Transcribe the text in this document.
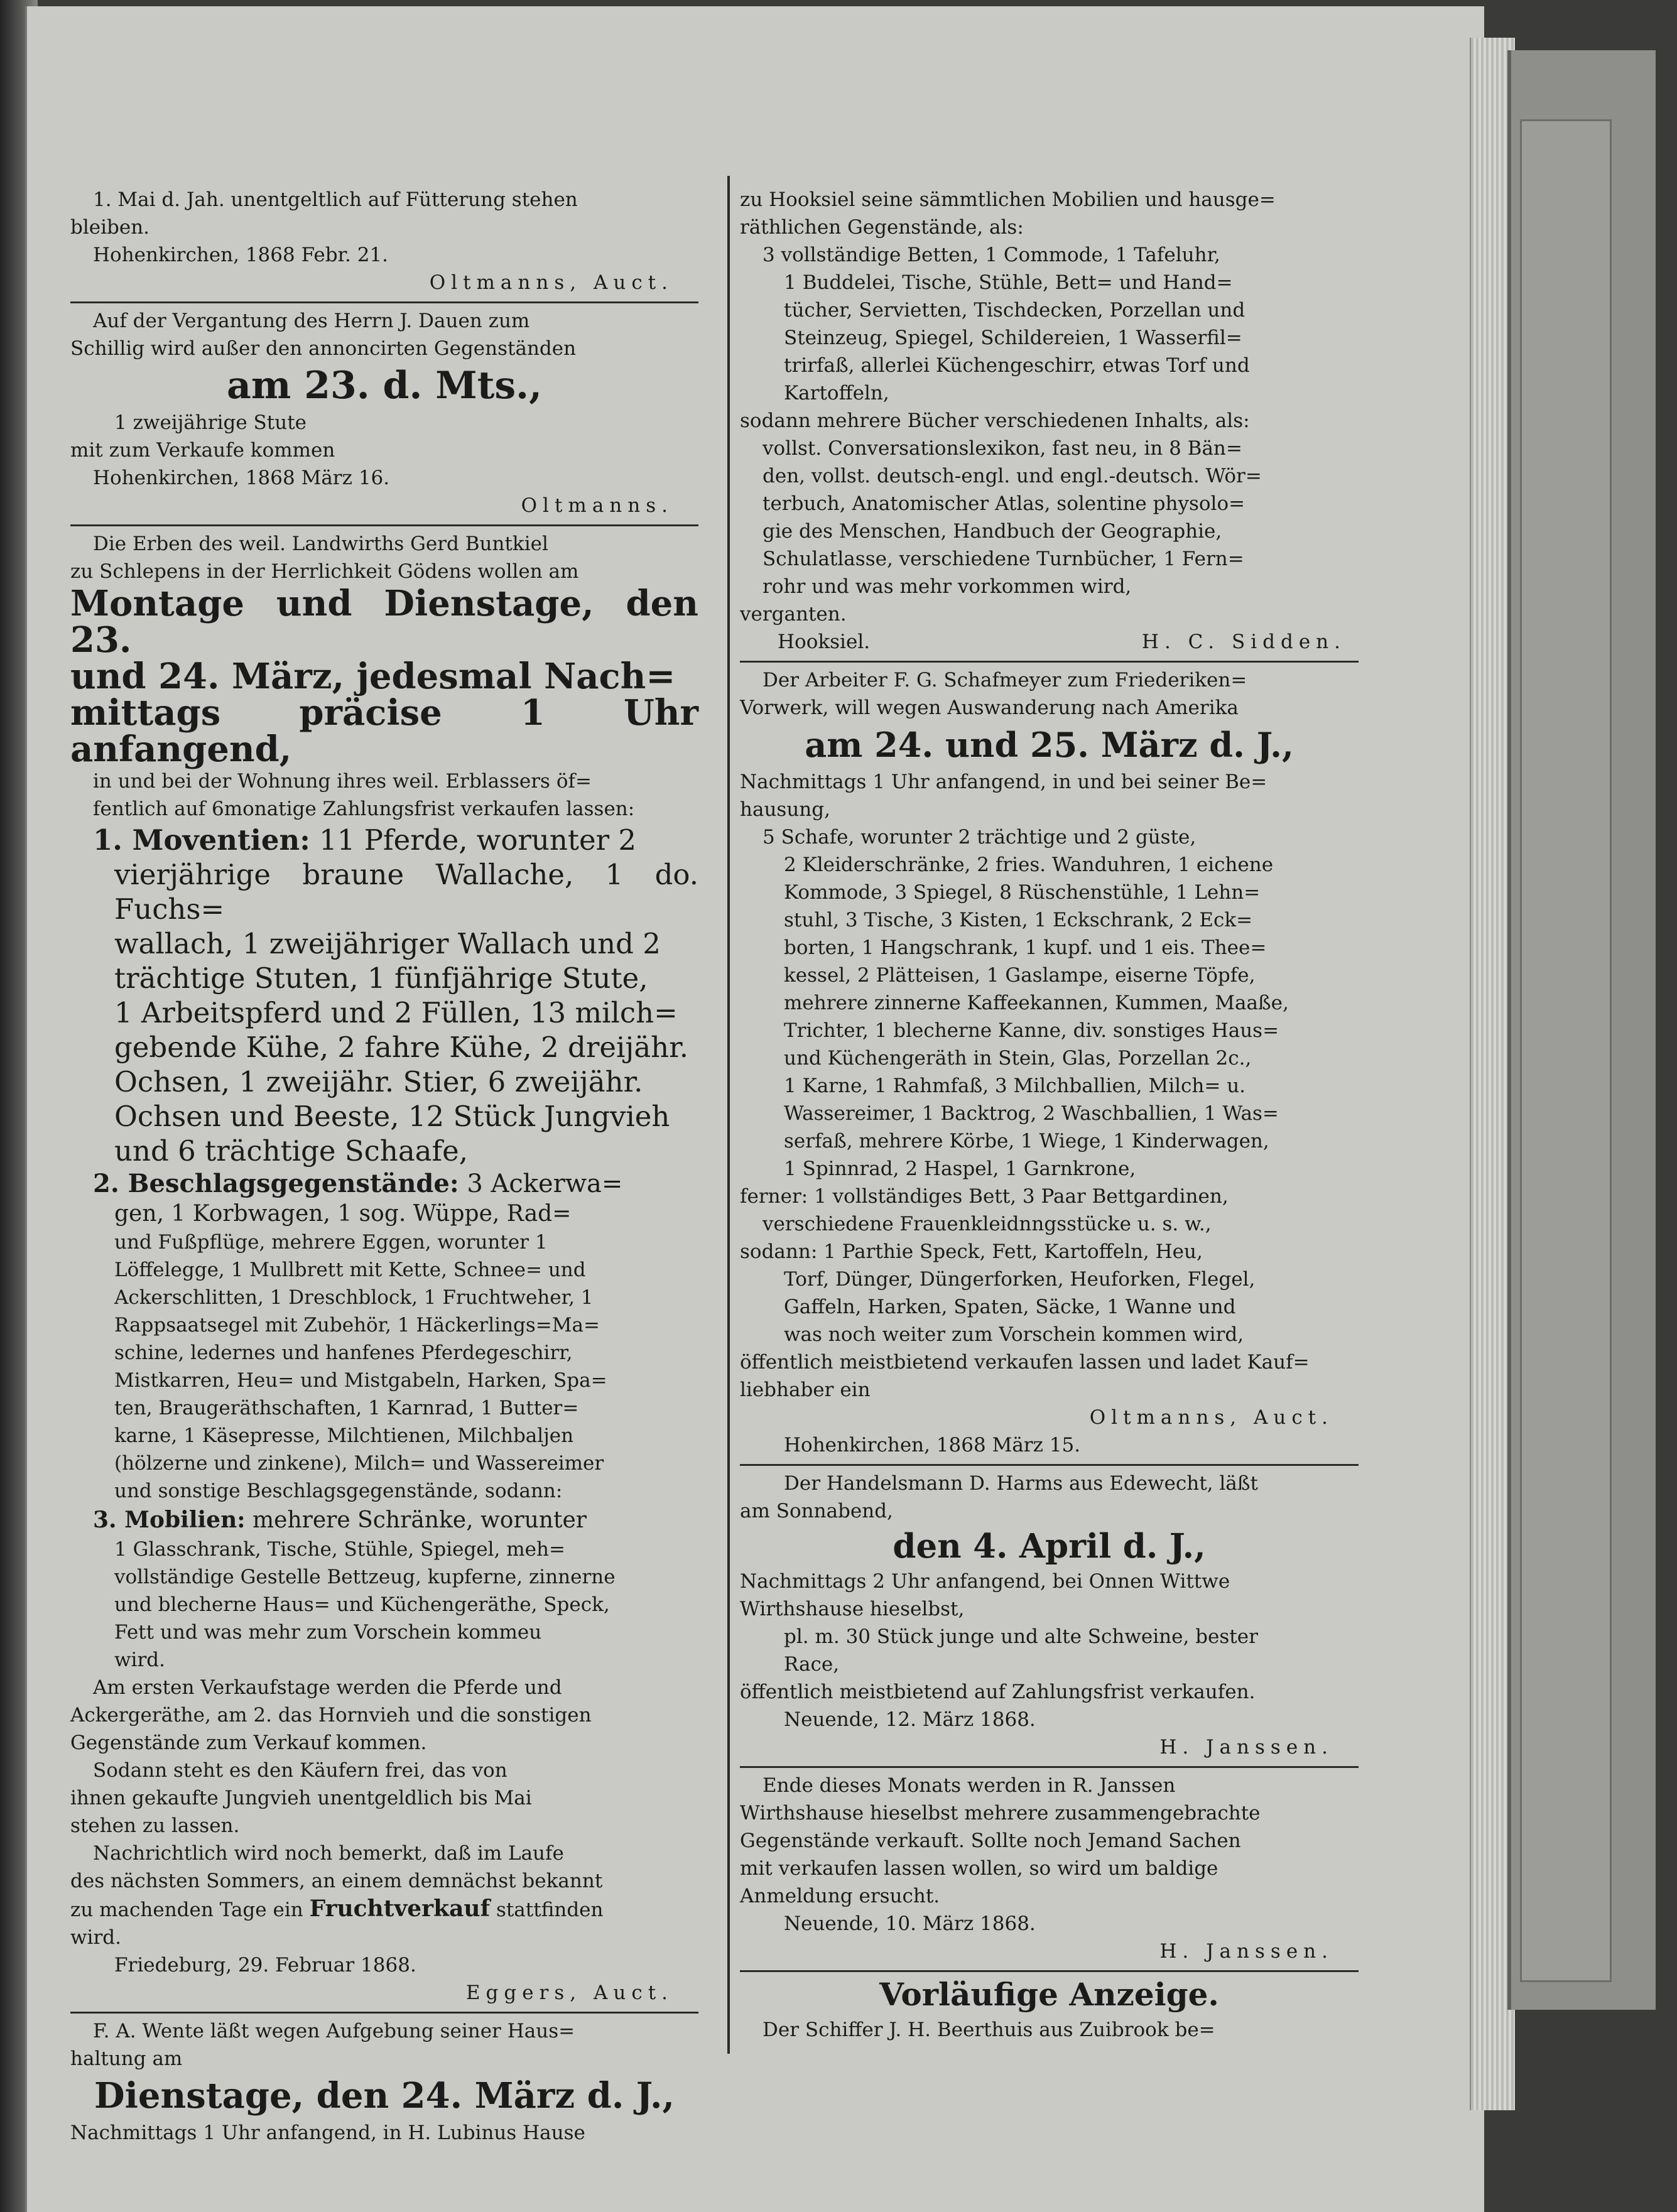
1. Mai d. Jah. unentgeltlich auf Fütterung stehen

bleiben.

Hohenkirchen, 1868 Febr. 21.

Oltmanns, Auct.

Auf der Vergantung des Herrn J. Dauen zum

Schillig wird außer den annoncirten Gegenständen

am 23. d. Mts.,

1 zweijährige Stute

mit zum Verkaufe kommen

Hohenkirchen, 1868 März 16.

Oltmanns.

Die Erben des weil. Landwirths Gerd Buntkiel

zu Schlepens in der Herrlichkeit Gödens wollen am

Montage und Dienstage, den 23.

und 24. März, jedesmal Nach=

mittags präcise 1 Uhr anfangend,

in und bei der Wohnung ihres weil. Erblassers öf=

fentlich auf 6monatige Zahlungsfrist verkaufen lassen:

1. Moventien: 11 Pferde, worunter 2

vierjährige braune Wallache, 1 do. Fuchs=

wallach, 1 zweijähriger Wallach und 2

trächtige Stuten, 1 fünfjährige Stute,

1 Arbeitspferd und 2 Füllen, 13 milch=

gebende Kühe, 2 fahre Kühe, 2 dreijähr.

Ochsen, 1 zweijähr. Stier, 6 zweijähr.

Ochsen und Beeste, 12 Stück Jungvieh

und 6 trächtige Schaafe,

2. Beschlagsgegenstände: 3 Ackerwa=

gen, 1 Korbwagen, 1 sog. Wüppe, Rad=

und Fußpflüge, mehrere Eggen, worunter 1

Löffelegge, 1 Mullbrett mit Kette, Schnee= und

Ackerschlitten, 1 Dreschblock, 1 Fruchtweher, 1

Rappsaatsegel mit Zubehör, 1 Häckerlings=Ma=

schine, ledernes und hanfenes Pferdegeschirr,

Mistkarren, Heu= und Mistgabeln, Harken, Spa=

ten, Braugeräthschaften, 1 Karnrad, 1 Butter=

karne, 1 Käsepresse, Milchtienen, Milchbaljen

(hölzerne und zinkene), Milch= und Wassereimer

und sonstige Beschlagsgegenstände, sodann:

3. Mobilien: mehrere Schränke, worunter

1 Glasschrank, Tische, Stühle, Spiegel, meh=

vollständige Gestelle Bettzeug, kupferne, zinnerne

und blecherne Haus= und Küchengeräthe, Speck,

Fett und was mehr zum Vorschein kommeu

wird.

Am ersten Verkaufstage werden die Pferde und

Ackergeräthe, am 2. das Hornvieh und die sonstigen

Gegenstände zum Verkauf kommen.

Sodann steht es den Käufern frei, das von

ihnen gekaufte Jungvieh unentgeldlich bis Mai

stehen zu lassen.

Nachrichtlich wird noch bemerkt, daß im Laufe

des nächsten Sommers, an einem demnächst bekannt

zu machenden Tage ein Fruchtverkauf stattfinden

wird.

Friedeburg, 29. Februar 1868.

Eggers, Auct.

F. A. Wente läßt wegen Aufgebung seiner Haus=

haltung am

Dienstage, den 24. März d. J.,

Nachmittags 1 Uhr anfangend, in H. Lubinus Hause

zu Hooksiel seine sämmtlichen Mobilien und hausge=

räthlichen Gegenstände, als:

3 vollständige Betten, 1 Commode, 1 Tafeluhr,

1 Buddelei, Tische, Stühle, Bett= und Hand=

tücher, Servietten, Tischdecken, Porzellan und

Steinzeug, Spiegel, Schildereien, 1 Wasserfil=

trirfaß, allerlei Küchengeschirr, etwas Torf und

Kartoffeln,

sodann mehrere Bücher verschiedenen Inhalts, als:

vollst. Conversationslexikon, fast neu, in 8 Bän=

den, vollst. deutsch-engl. und engl.-deutsch. Wör=

terbuch, Anatomischer Atlas, solentine physolo=

gie des Menschen, Handbuch der Geographie,

Schulatlasse, verschiedene Turnbücher, 1 Fern=

rohr und was mehr vorkommen wird,

verganten.

Hooksiel.	H. C. Sidden.

Der Arbeiter F. G. Schafmeyer zum Friederiken=

Vorwerk, will wegen Auswanderung nach Amerika

am 24. und 25. März d. J.,

Nachmittags 1 Uhr anfangend, in und bei seiner Be=

hausung,

5 Schafe, worunter 2 trächtige und 2 güste,

2 Kleiderschränke, 2 fries. Wanduhren, 1 eichene

Kommode, 3 Spiegel, 8 Rüschenstühle, 1 Lehn=

stuhl, 3 Tische, 3 Kisten, 1 Eckschrank, 2 Eck=

borten, 1 Hangschrank, 1 kupf. und 1 eis. Thee=

kessel, 2 Plätteisen, 1 Gaslampe, eiserne Töpfe,

mehrere zinnerne Kaffeekannen, Kummen, Maaße,

Trichter, 1 blecherne Kanne, div. sonstiges Haus=

und Küchengeräth in Stein, Glas, Porzellan 2c.,

1 Karne, 1 Rahmfaß, 3 Milchballien, Milch= u.

Wassereimer, 1 Backtrog, 2 Waschballien, 1 Was=

serfaß, mehrere Körbe, 1 Wiege, 1 Kinderwagen,

1 Spinnrad, 2 Haspel, 1 Garnkrone,

ferner: 1 vollständiges Bett, 3 Paar Bettgardinen,

verschiedene Frauenkleidnngsstücke u. s. w.,

sodann: 1 Parthie Speck, Fett, Kartoffeln, Heu,

Torf, Dünger, Düngerforken, Heuforken, Flegel,

Gaffeln, Harken, Spaten, Säcke, 1 Wanne und

was noch weiter zum Vorschein kommen wird,

öffentlich meistbietend verkaufen lassen und ladet Kauf=

liebhaber ein

Oltmanns, Auct.

Hohenkirchen, 1868 März 15.

Der Handelsmann D. Harms aus Edewecht, läßt

am Sonnabend,

den 4. April d. J.,

Nachmittags 2 Uhr anfangend, bei Onnen Wittwe

Wirthshause hieselbst,

pl. m. 30 Stück junge und alte Schweine, bester

Race,

öffentlich meistbietend auf Zahlungsfrist verkaufen.

Neuende, 12. März 1868.

H. Janssen.

Ende dieses Monats werden in R. Janssen

Wirthshause hieselbst mehrere zusammengebrachte

Gegenstände verkauft. Sollte noch Jemand Sachen

mit verkaufen lassen wollen, so wird um baldige

Anmeldung ersucht.

Neuende, 10. März 1868.

H. Janssen.

Vorläufige Anzeige.

Der Schiffer J. H. Beerthuis aus Zuibrook be=
